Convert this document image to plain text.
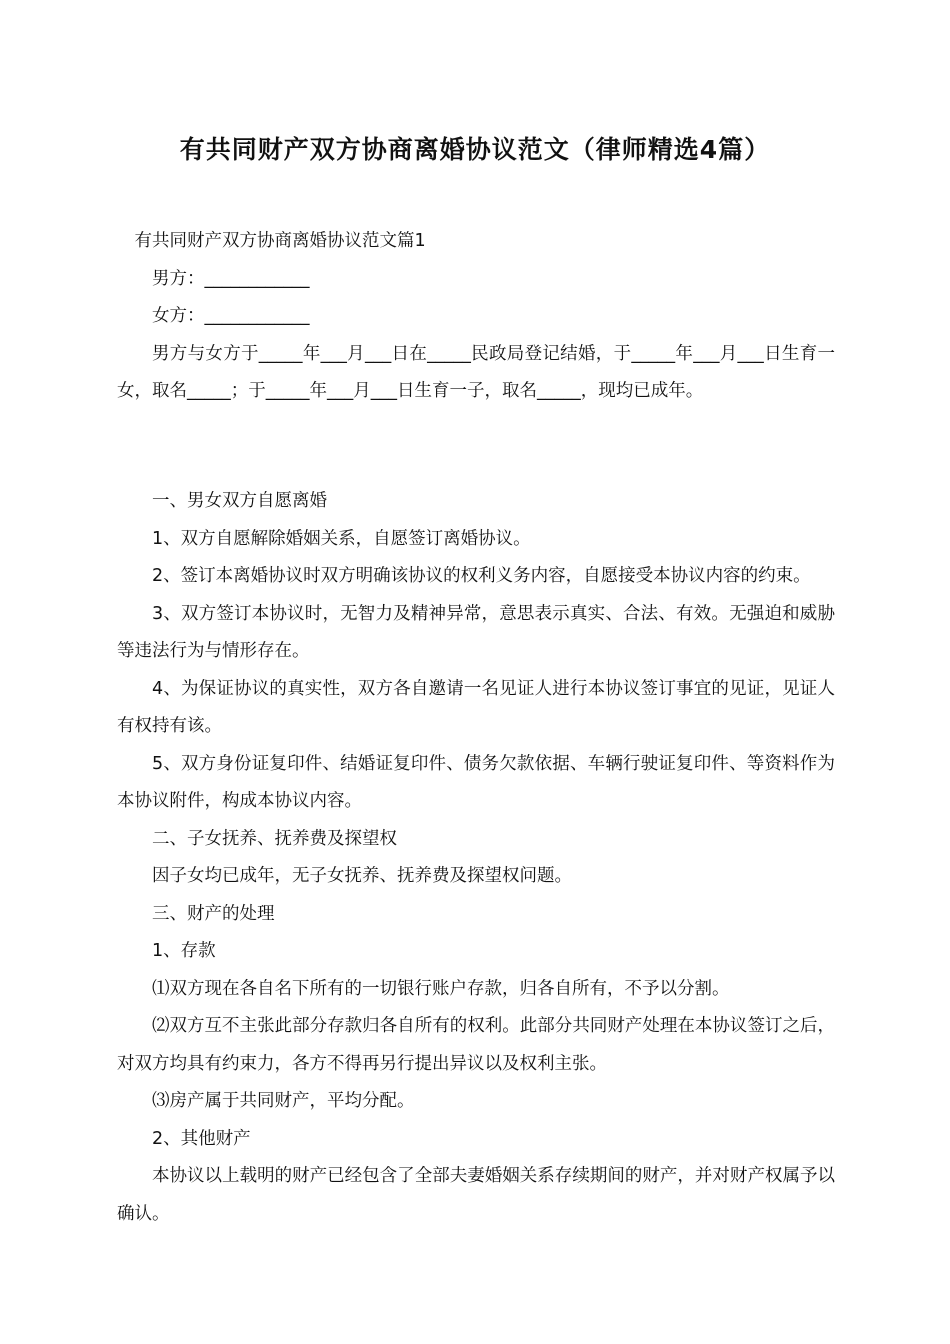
有共同财产双方协商离婚协议范文（律师精选4篇）

有共同财产双方协商离婚协议范文篇1

男方：____________

女方：____________

男方与女方于_____年___月___日在_____民政局登记结婚，于_____年___月___日生育一女，取名_____；于_____年___月___日生育一子，取名_____，现均已成年。

一、男女双方自愿离婚

1、双方自愿解除婚姻关系，自愿签订离婚协议。

2、签订本离婚协议时双方明确该协议的权利义务内容，自愿接受本协议内容的约束。

3、双方签订本协议时，无智力及精神异常，意思表示真实、合法、有效。无强迫和威胁等违法行为与情形存在。

4、为保证协议的真实性，双方各自邀请一名见证人进行本协议签订事宜的见证，见证人有权持有该。

5、双方身份证复印件、结婚证复印件、债务欠款依据、车辆行驶证复印件、等资料作为本协议附件，构成本协议内容。

二、子女抚养、抚养费及探望权

因子女均已成年，无子女抚养、抚养费及探望权问题。

三、财产的处理

1、存款

⑴双方现在各自名下所有的一切银行账户存款，归各自所有，不予以分割。

⑵双方互不主张此部分存款归各自所有的权利。此部分共同财产处理在本协议签订之后，对双方均具有约束力，各方不得再另行提出异议以及权利主张。

⑶房产属于共同财产，平均分配。

2、其他财产

本协议以上载明的财产已经包含了全部夫妻婚姻关系存续期间的财产，并对财产权属予以确认。
